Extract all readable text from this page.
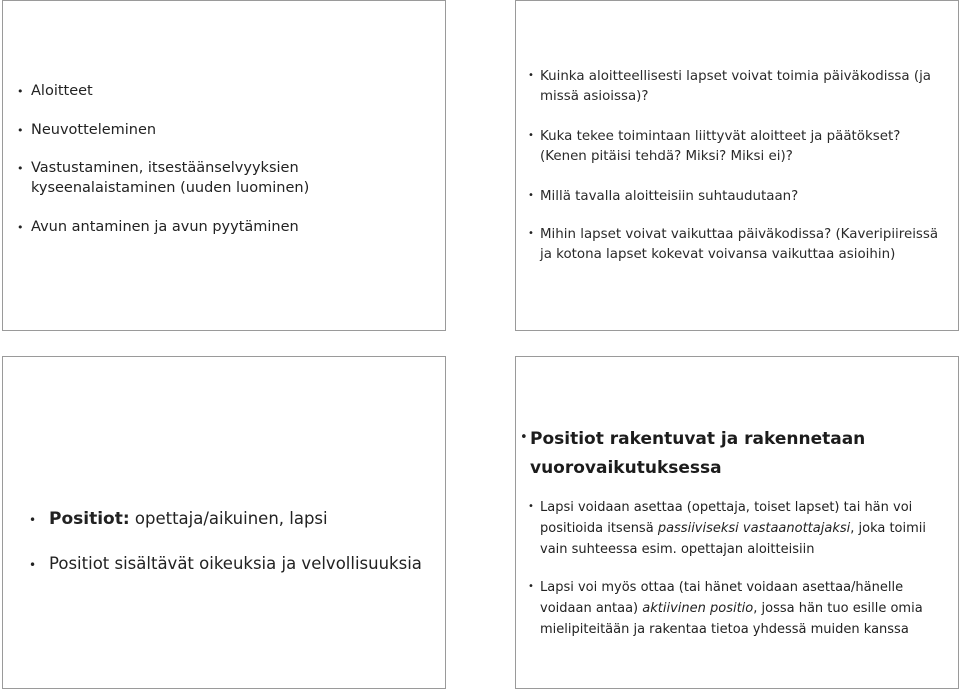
• Aloitteet
• Neuvotteleminen
• Vastustaminen, itsestäänselvyyksien kyseenalaistaminen (uuden luominen)
• Avun antaminen ja avun pyytäminen
• Kuinka aloitteellisesti lapset voivat toimia päiväkodissa (ja missä asioissa)?
• Kuka tekee toimintaan liittyvät aloitteet ja päätökset? (Kenen pitäisi tehdä? Miksi? Miksi ei)?
• Millä tavalla aloitteisiin suhtaudutaan?
• Mihin lapset voivat vaikuttaa päiväkodissa? (Kaveripiireissä ja kotona lapset kokevat voivansa vaikuttaa asioihin)
• Positiot: opettaja/aikuinen, lapsi
• Positiot sisältävät oikeuksia ja velvollisuuksia
• Positiot rakentuvat ja rakennetaan vuorovaikutuksessa
• Lapsi voidaan asettaa (opettaja, toiset lapset) tai hän voi positioida itsensä passiiviseksi vastaanottajaksi, joka toimii vain suhteessa esim. opettajan aloitteisiin
• Lapsi voi myös ottaa (tai hänet voidaan asettaa/hänelle voidaan antaa) aktiivinen positio, jossa hän tuo esille omia mielipiteitään ja rakentaa tietoa yhdessä muiden kanssa
